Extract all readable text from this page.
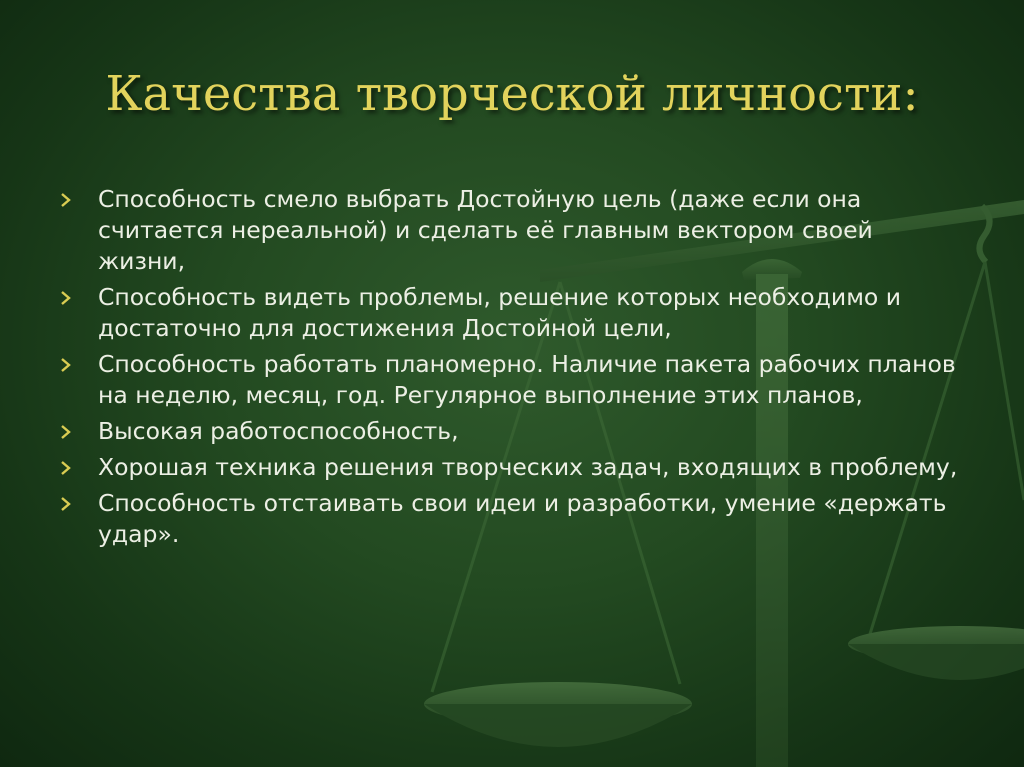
Качества творческой личности:
Способность смело выбрать Достойную цель (даже если она считается нереальной) и сделать её главным вектором своей жизни,
Способность видеть проблемы, решение которых необходимо и достаточно для достижения Достойной цели,
Способность работать планомерно. Наличие пакета рабочих планов на неделю, месяц, год. Регулярное выполнение этих планов,
Высокая работоспособность,
Хорошая техника решения творческих задач, входящих в проблему,
Способность отстаивать свои идеи и разработки, умение «держать удар».
